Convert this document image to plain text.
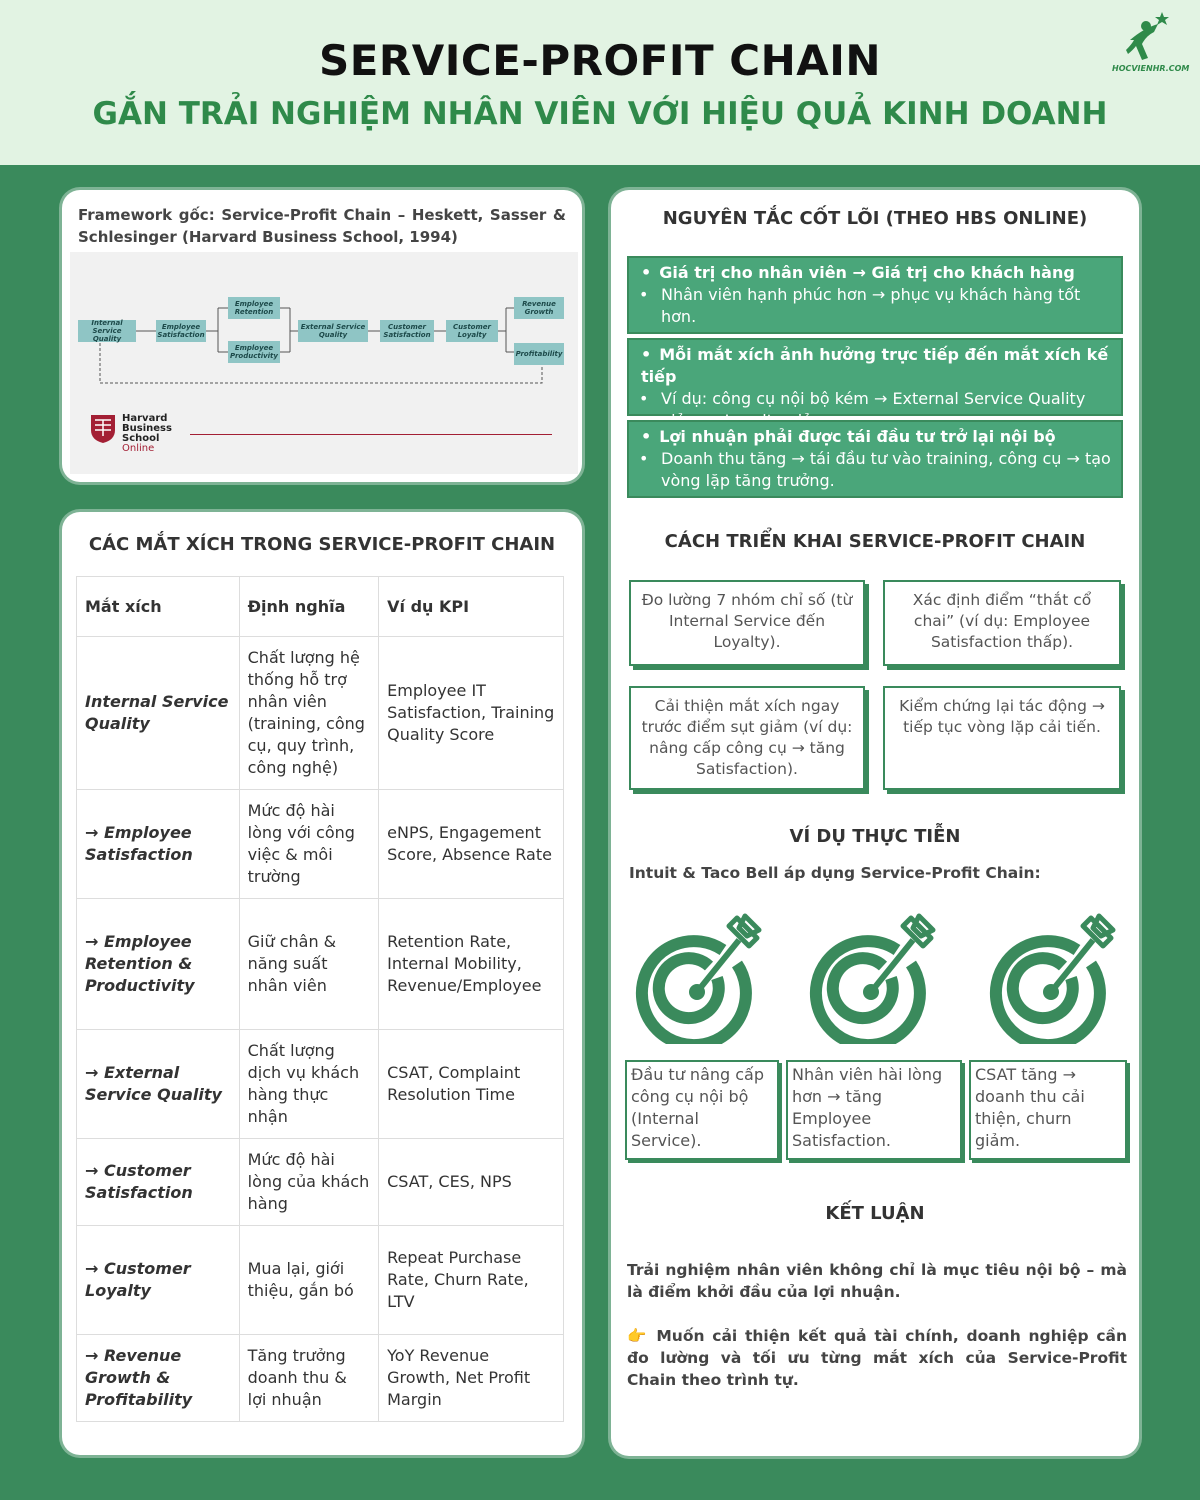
SERVICE-PROFIT CHAIN
GẮN TRẢI NGHIỆM NHÂN VIÊN VỚI HIỆU QUẢ KINH DOANH
HOCVIENHR.COM
Framework gốc: Service-Profit Chain – Heskett, Sasser & Schlesinger (Harvard Business School, 1994)
Internal Service Quality
Employee Satisfaction
Employee Retention
Employee Productivity
External Service Quality
Customer Satisfaction
Customer Loyalty
Revenue Growth
Profitability
Harvard
Business
School
Online
CÁC MẮT XÍCH TRONG SERVICE-PROFIT CHAIN
Mắt xích	Định nghĩa	Ví dụ KPI
Internal Service Quality	Chất lượng hệ thống hỗ trợ nhân viên (training, công cụ, quy trình, công nghệ)	Employee IT Satisfaction, Training Quality Score
→ Employee Satisfaction	Mức độ hài lòng với công việc & môi trường	eNPS, Engagement Score, Absence Rate
→ Employee Retention & Productivity	Giữ chân & năng suất nhân viên	Retention Rate, Internal Mobility, Revenue/Employee
→ External Service Quality	Chất lượng dịch vụ khách hàng thực nhận	CSAT, Complaint Resolution Time
→ Customer Satisfaction	Mức độ hài lòng của khách hàng	CSAT, CES, NPS
→ Customer Loyalty	Mua lại, giới thiệu, gắn bó	Repeat Purchase Rate, Churn Rate, LTV
→ Revenue Growth & Profitability	Tăng trưởng doanh thu & lợi nhuận	YoY Revenue Growth, Net Profit Margin
NGUYÊN TẮC CỐT LÕI (THEO HBS ONLINE)
• Giá trị cho nhân viên → Giá trị cho khách hàng
• Nhân viên hạnh phúc hơn → phục vụ khách hàng tốt hơn.
• Mỗi mắt xích ảnh hưởng trực tiếp đến mắt xích kế tiếp
• Ví dụ: công cụ nội bộ kém → External Service Quality
• Lợi nhuận phải được tái đầu tư trở lại nội bộ
• Doanh thu tăng → tái đầu tư vào training, công cụ → tạo vòng lặp tăng trưởng.
CÁCH TRIỂN KHAI SERVICE-PROFIT CHAIN
Đo lường 7 nhóm chỉ số (từ Internal Service đến Loyalty).
Xác định điểm “thắt cổ chai” (ví dụ: Employee Satisfaction thấp).
Cải thiện mắt xích ngay trước điểm sụt giảm (ví dụ: nâng cấp công cụ → tăng Satisfaction).
Kiểm chứng lại tác động → tiếp tục vòng lặp cải tiến.
VÍ DỤ THỰC TIỄN
Intuit & Taco Bell áp dụng Service-Profit Chain:
Đầu tư nâng cấp công cụ nội bộ (Internal Service).
Nhân viên hài lòng hơn → tăng Employee Satisfaction.
CSAT tăng → doanh thu cải thiện, churn giảm.
KẾT LUẬN
Trải nghiệm nhân viên không chỉ là mục tiêu nội bộ – mà là điểm khởi đầu của lợi nhuận.
👉 Muốn cải thiện kết quả tài chính, doanh nghiệp cần đo lường và tối ưu từng mắt xích của Service-Profit Chain theo trình tự.
